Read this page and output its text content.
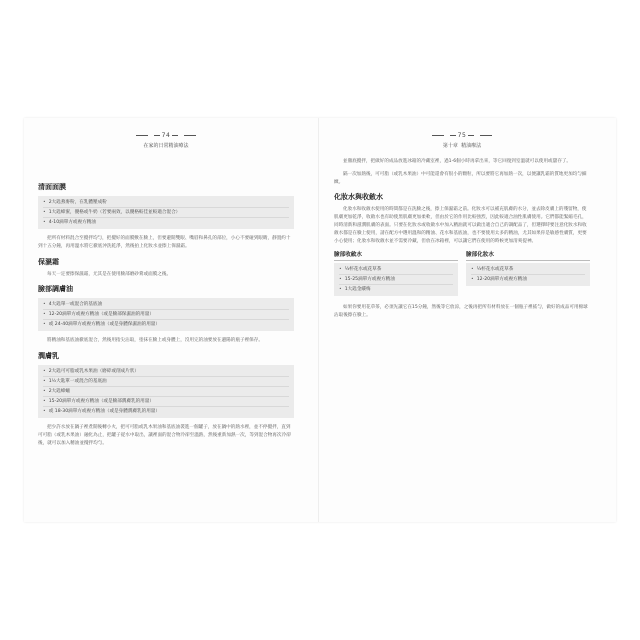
74
在家的日常精油療法
清面面膜
• 2大匙燕麥粉，在乳體壓成粉
• 1大匙蜂蜜，優格或牛奶（若要兩效，以優格較佳並較適合混合）
• 4-10滴單方或複方精油

把所有材料混合至攪拌均勻，把攪好的面膜敷在臉上，但要避開雙眼、嘴唇和鼻孔的部位，小心不要碰到眼睛，靜置約十到十五分鐘，再用溫水將它徹底沖洗乾淨，然後拍上化妝水並擦上保濕霜。

保濕霜

每天一定要擦保濕霜，尤其是在使用臉部磨砂膏或面膜之後。

臉部調膚油
• 4大匙單一或混合的基底油
• 12-20滴單方或複方精油（或是臉部保濕油的用量）
• 或 24-40滴單方或複方精油（或是身體保濕油的用量）

將精油和基底油徹底混合，然後用指尖沾取，塗抹在臉上或身體上，沒用完的油要放在避陽的瓶子裡保存。

潤膚乳
• 2大匙可可脂或乳木果油（磨碎或削成片狀）
• 1½大匙單一或混合的基底油
• 2大匙蜂蠟
• 15-20滴單方或複方精油（或是臉部潤膚乳的用量）
• 或 18-30滴單方或複方精油（或是身體潤膚乳的用量）

把少許水放在鍋子裡煮開後轉小火，把可可脂或乳木果油和基底油裝進一個罐子，放在鍋中的熱水裡，並不停攪拌，直到可可脂（或乳木果油）融化為止，把罐子從水中取出，讓裡面的混合物冷卻至溫熱，然後重新加熱一次，等到混合物再次冷卻後，就可以加入精油並攪拌均勻。

75
第十章 精油療法

並徹底攪拌，把做好的成品放進冰箱的冷藏室裡，過1-6個小時再拿出來，等它回復到室溫就可以使用或儲存了。

隔一次加熱後，可可脂（或乳木果油）中可能還會有很小的顆粒，所以要將它再加熱一次，以便讓乳霜的質地更加均勻細緻。

化妝水與收斂水

化妝水和收斂水使用的時間都是在洗臉之後，擦上保濕霜之前。化妝水可以補充肌膚的水分，並去除皮膚上的殘留物，使肌膚更加乾淨，收斂水也有助使黑肌膚更加柔軟，但由於它的作用比較強烈，因此較適合油性肌膚使用。它們都能緊縮毛孔，同時清新和滋潤肌膚的表面。只要在化妝水或收斂水中加入精油就可以做出適合自己的調配品了，但選擇時要注意化妝水和收斂水都是在臉上使用，請在配方中選用溫和的精油、花水和基底油，也不要使用太多的精油，尤其如果你是敏感性膚質，更要小心使用；化妝水和收斂水並不需要冷藏，但放在冰箱裡，可以讓它們在使用的時候更加清爽提神。

臉部收斂水
• ¼杯花水或花草茶
• 15-25滴單方或複方精油
• 1大匙金縷梅
臉部化妝水
• ¼杯花水或花草茶
• 12-20滴單方或複方精油

如果你要用花草茶，必須先讓它在15分鐘，然後等它放涼，之後再把所有材料放在一個瓶子裡搖勻，做好的成品可用棉球沾取後擦在臉上。
